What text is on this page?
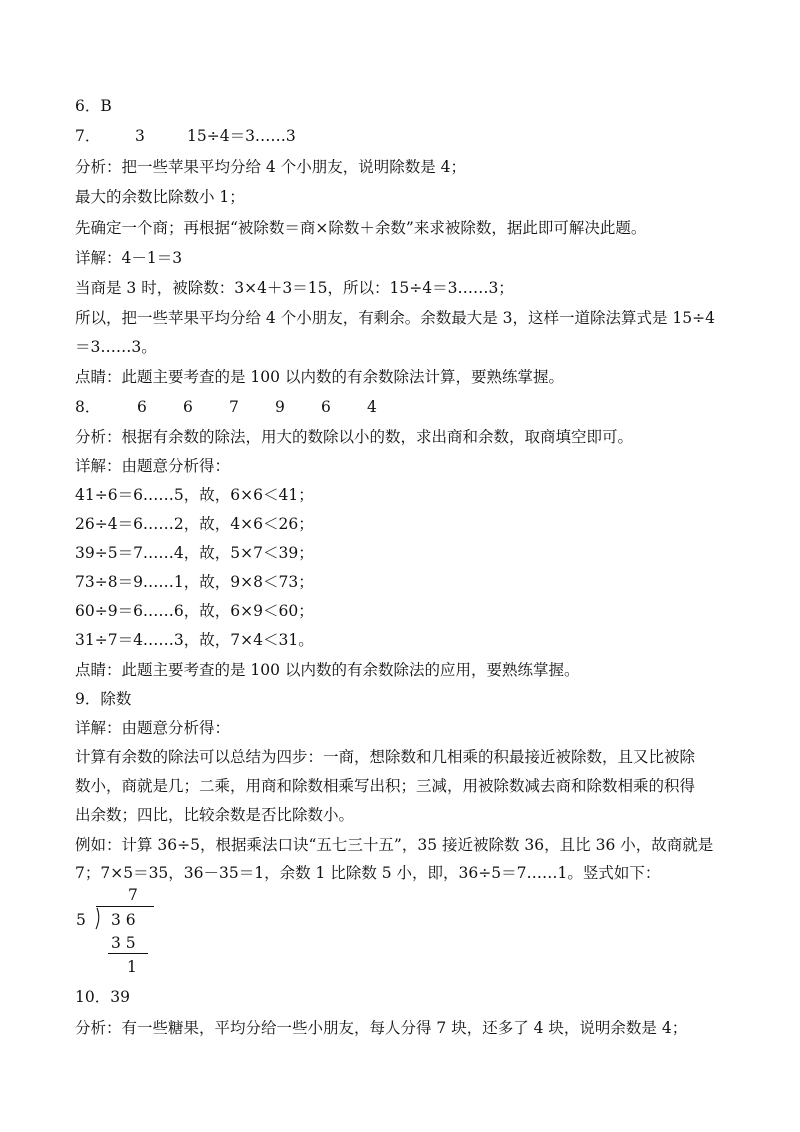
6．B
7． 3	15÷4＝3……3
分析：把一些苹果平均分给 4 个小朋友，说明除数是 4；
最大的余数比除数小 1；
先确定一个商；再根据“被除数＝商×除数＋余数”来求被除数，据此即可解决此题。
详解：4－1＝3
当商是 3 时，被除数：3×4＋3＝15，所以：15÷4＝3……3；
所以，把一些苹果平均分给 4 个小朋友，有剩余。余数最大是 3，这样一道除法算式是 15÷4
＝3……3。
点睛：此题主要考查的是 100 以内数的有余数除法计算，要熟练掌握。
8． 6 6 7 9 6 4
分析：根据有余数的除法，用大的数除以小的数，求出商和余数，取商填空即可。
详解：由题意分析得：
41÷6＝6……5，故，6×6＜41；
26÷4＝6……2，故，4×6＜26；
39÷5＝7……4，故，5×7＜39；
73÷8＝9……1，故，9×8＜73；
60÷9＝6……6，故，6×9＜60；
31÷7＝4……3，故，7×4＜31。
点睛：此题主要考查的是 100 以内数的有余数除法的应用，要熟练掌握。
9．除数
详解：由题意分析得：
计算有余数的除法可以总结为四步：一商，想除数和几相乘的积最接近被除数，且又比被除
数小，商就是几；二乘，用商和除数相乘写出积；三减，用被除数减去商和除数相乘的积得
出余数；四比，比较余数是否比除数小。
例如：计算 36÷5，根据乘法口诀“五七三十五”，35 接近被除数 36，且比 36 小，故商就是
7；7×5＝35，36－35＝1，余数 1 比除数 5 小，即，36÷5＝7……1。竖式如下：
7
5 3 6
3 5
1
10．39
分析：有一些糖果，平均分给一些小朋友，每人分得 7 块，还多了 4 块，说明余数是 4；
